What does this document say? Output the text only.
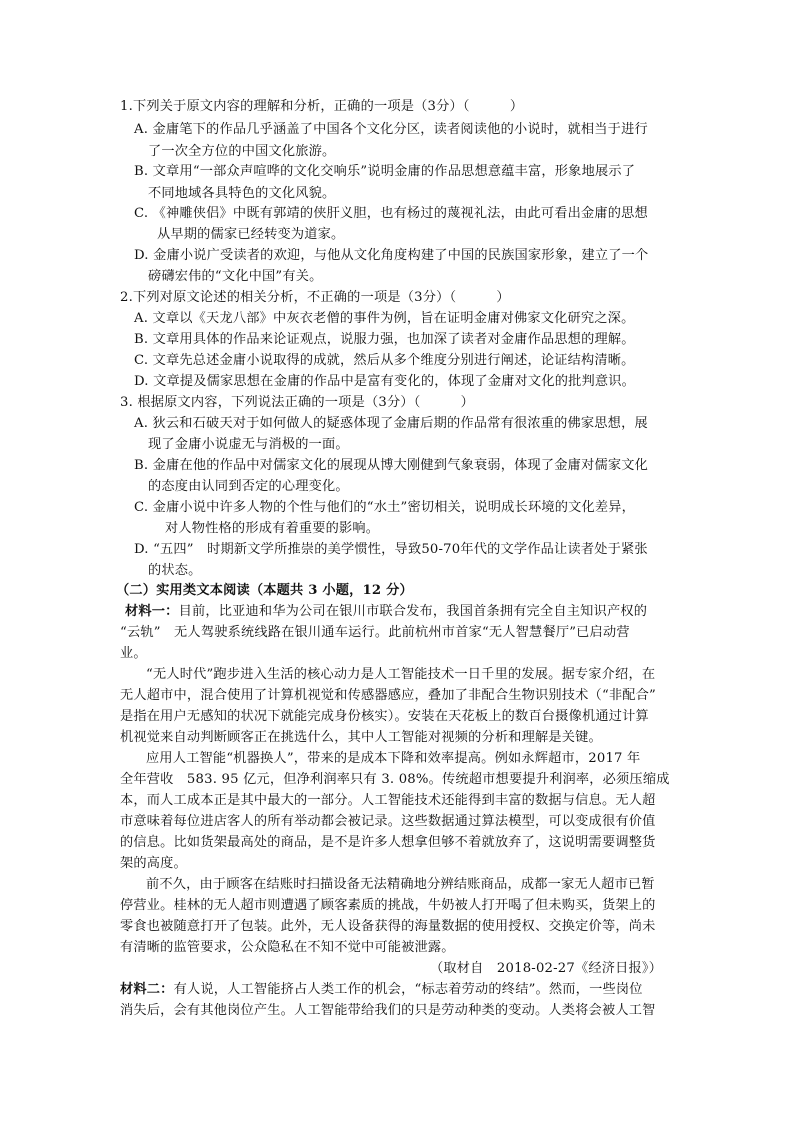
1.下列关于原文内容的理解和分析，正确的一项是（3分）（　　　）
A. 金庸笔下的作品几乎涵盖了中国各个文化分区，读者阅读他的小说时，就相当于进行
了一次全方位的中国文化旅游。
B. 文章用“一部众声喧哗的文化交响乐”说明金庸的作品思想意蕴丰富，形象地展示了
不同地域各具特色的文化风貌。
C. 《神雕侠侣》中既有郭靖的侠肝义胆，也有杨过的蔑视礼法，由此可看出金庸的思想
从早期的儒家已经转变为道家。
D. 金庸小说广受读者的欢迎，与他从文化角度构建了中国的民族国家形象，建立了一个
磅礴宏伟的“文化中国”有关。
2.下列对原文论述的相关分析，不正确的一项是（3分）（　　　）
A. 文章以《天龙八部》中灰衣老僧的事件为例，旨在证明金庸对佛家文化研究之深。
B. 文章用具体的作品来论证观点，说服力强，也加深了读者对金庸作品思想的理解。
C. 文章先总述金庸小说取得的成就，然后从多个维度分别进行阐述，论证结构清晰。
D. 文章提及儒家思想在金庸的作品中是富有变化的，体现了金庸对文化的批判意识。
3. 根据原文内容，下列说法正确的一项是（3分）（　　　）
A. 狄云和石破天对于如何做人的疑惑体现了金庸后期的作品常有很浓重的佛家思想，展
现了金庸小说虚无与消极的一面。
B. 金庸在他的作品中对儒家文化的展现从博大刚健到气象衰弱，体现了金庸对儒家文化
的态度由认同到否定的心理变化。
C. 金庸小说中许多人物的个性与他们的“水土”密切相关，说明成长环境的文化差异，
对人物性格的形成有着重要的影响。
D. “五四”　时期新文学所推崇的美学惯性，导致50-70年代的文学作品让读者处于紧张
的状态。
（二）实用类文本阅读（本题共 3 小题，12 分）
材料一：目前，比亚迪和华为公司在银川市联合发布，我国首条拥有完全自主知识产权的
“云轨”　无人驾驶系统线路在银川通车运行。此前杭州市首家“无人智慧餐厅”已启动营
业。
“无人时代”跑步进入生活的核心动力是人工智能技术一日千里的发展。据专家介绍，在
无人超市中，混合使用了计算机视觉和传感器感应，叠加了非配合生物识别技术（“非配合”
是指在用户无感知的状况下就能完成身份核实）。安装在天花板上的数百台摄像机通过计算
机视觉来自动判断顾客正在挑选什么，其中人工智能对视频的分析和理解是关键。
应用人工智能“机器换人”，带来的是成本下降和效率提高。例如永辉超市，2017 年
全年营收　583. 95 亿元，但净利润率只有 3. 08%。传统超市想要提升利润率，必须压缩成
本，而人工成本正是其中最大的一部分。人工智能技术还能得到丰富的数据与信息。无人超
市意味着每位进店客人的所有举动都会被记录。这些数据通过算法模型，可以变成很有价值
的信息。比如货架最高处的商品，是不是许多人想拿但够不着就放弃了，这说明需要调整货
架的高度。
前不久，由于顾客在结账时扫描设备无法精确地分辨结账商品，成都一家无人超市已暂
停营业。桂林的无人超市则遭遇了顾客素质的挑战，牛奶被人打开喝了但未购买，货架上的
零食也被随意打开了包装。此外，无人设备获得的海量数据的使用授权、交换定价等，尚未
有清晰的监管要求，公众隐私在不知不觉中可能被泄露。
（取材自　2018-02-27《经济日报》）
材料二：有人说，人工智能挤占人类工作的机会，“标志着劳动的终结”。然而，一些岗位
消失后，会有其他岗位产生。人工智能带给我们的只是劳动种类的变动。人类将会被人工智
